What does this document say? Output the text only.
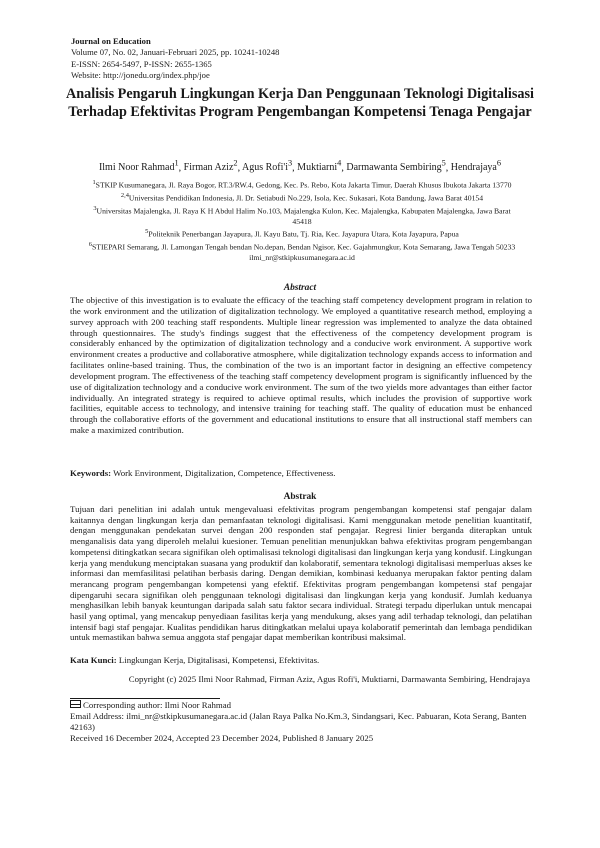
Journal on Education
Volume 07, No. 02, Januari-Februari 2025, pp. 10241-10248
E-ISSN: 2654-5497, P-ISSN: 2655-1365
Website: http://jonedu.org/index.php/joe
Analisis Pengaruh Lingkungan Kerja Dan Penggunaan Teknologi Digitalisasi Terhadap Efektivitas Program Pengembangan Kompetensi Tenaga Pengajar
Ilmi Noor Rahmad$^1$, Firman Aziz$^2$, Agus $Rofi'i^3$, Muktiarni$^4$, Darmawanta Sembiring$^5$, Hendrajaya$^6$
$^1$STKIP Kusumanegara, Jl. Raya Bogor, RT.3/RW.4, Gedong, Kec. Ps. Rebo, Kota Jakarta Timur, Daerah Khusus Ibukota Jakarta 13770
$^{2,4}$Universitas Pendidikan Indonesia, Jl. Dr. Setiabudi No.229, Isola, Kec. Sukasari, Kota Bandung, Jawa Barat 40154
$^3$Universitas Majalengka, Jl. Raya K H Abdul Halim No.103, Majalengka Kulon, Kec. Majalengka, Kabupaten Majalengka, Jawa Barat 45418
$^5$Politeknik Penerbangan Jayapura, Jl. Kayu Batu, Tj. Ria, Kec. Jayapura Utara, Kota Jayapura, Papua
$^6$STIEPARI Semarang, Jl. Lamongan Tengah bendan No.depan, Bendan Ngisor, Kec. Gajahmungkur, Kota Semarang, Jawa Tengah 50233
ilmi_nr@stkipkusumanegara.ac.id
Abstract
The objective of this investigation is to evaluate the efficacy of the teaching staff competency development program in relation to the work environment and the utilization of digitalization technology. We employed a quantitative research method, employing a survey approach with 200 teaching staff respondents. Multiple linear regression was implemented to analyze the data obtained through questionnaires. The study's findings suggest that the effectiveness of the competency development program is considerably enhanced by the optimization of digitalization technology and a conducive work environment. A supportive work environment creates a productive and collaborative atmosphere, while digitalization technology expands access to information and facilitates online-based training. Thus, the combination of the two is an important factor in designing an effective competency development program. The effectiveness of the teaching staff competency development program is significantly influenced by the use of digitalization technology and a conducive work environment. The sum of the two yields more advantages than either factor individually. An integrated strategy is required to achieve optimal results, which includes the provision of supportive work facilities, equitable access to technology, and intensive training for teaching staff. The quality of education must be enhanced through the collaborative efforts of the government and educational institutions to ensure that all instructional staff members can make a maximized contribution.
Keywords: Work Environment, Digitalization, Competence, Effectiveness.
Abstrak
Tujuan dari penelitian ini adalah untuk mengevaluasi efektivitas program pengembangan kompetensi staf pengajar dalam kaitannya dengan lingkungan kerja dan pemanfaatan teknologi digitalisasi. Kami menggunakan metode penelitian kuantitatif, dengan menggunakan pendekatan survei dengan 200 responden staf pengajar. Regresi linier berganda diterapkan untuk menganalisis data yang diperoleh melalui kuesioner. Temuan penelitian menunjukkan bahwa efektivitas program pengembangan kompetensi ditingkatkan secara signifikan oleh optimalisasi teknologi digitalisasi dan lingkungan kerja yang kondusif. Lingkungan kerja yang mendukung menciptakan suasana yang produktif dan kolaboratif, sementara teknologi digitalisasi memperluas akses ke informasi dan memfasilitasi pelatihan berbasis daring. Dengan demikian, kombinasi keduanya merupakan faktor penting dalam merancang program pengembangan kompetensi yang efektif. Efektivitas program pengembangan kompetensi staf pengajar dipengaruhi secara signifikan oleh penggunaan teknologi digitalisasi dan lingkungan kerja yang kondusif. Jumlah keduanya menghasilkan lebih banyak keuntungan daripada salah satu faktor secara individual. Strategi terpadu diperlukan untuk mencapai hasil yang optimal, yang mencakup penyediaan fasilitas kerja yang mendukung, akses yang adil terhadap teknologi, dan pelatihan intensif bagi staf pengajar. Kualitas pendidikan harus ditingkatkan melalui upaya kolaboratif pemerintah dan lembaga pendidikan untuk memastikan bahwa semua anggota staf pengajar dapat memberikan kontribusi maksimal.
Kata Kunci: Lingkungan Kerja, Digitalisasi, Kompetensi, Efektivitas.
Copyright (c) 2025 Ilmi Noor Rahmad, Firman Aziz, Agus Rofi'i, Muktiarni, Darmawanta Sembiring, Hendrajaya
Corresponding author: Ilmi Noor Rahmad
Email Address: ilmi_nr@stkipkusumanegara.ac.id (Jalan Raya Palka No.Km.3, Sindangsari, Kec. Pabuaran, Kota Serang, Banten 42163)
Received 16 December 2024, Accepted 23 December 2024, Published 8 January 2025
